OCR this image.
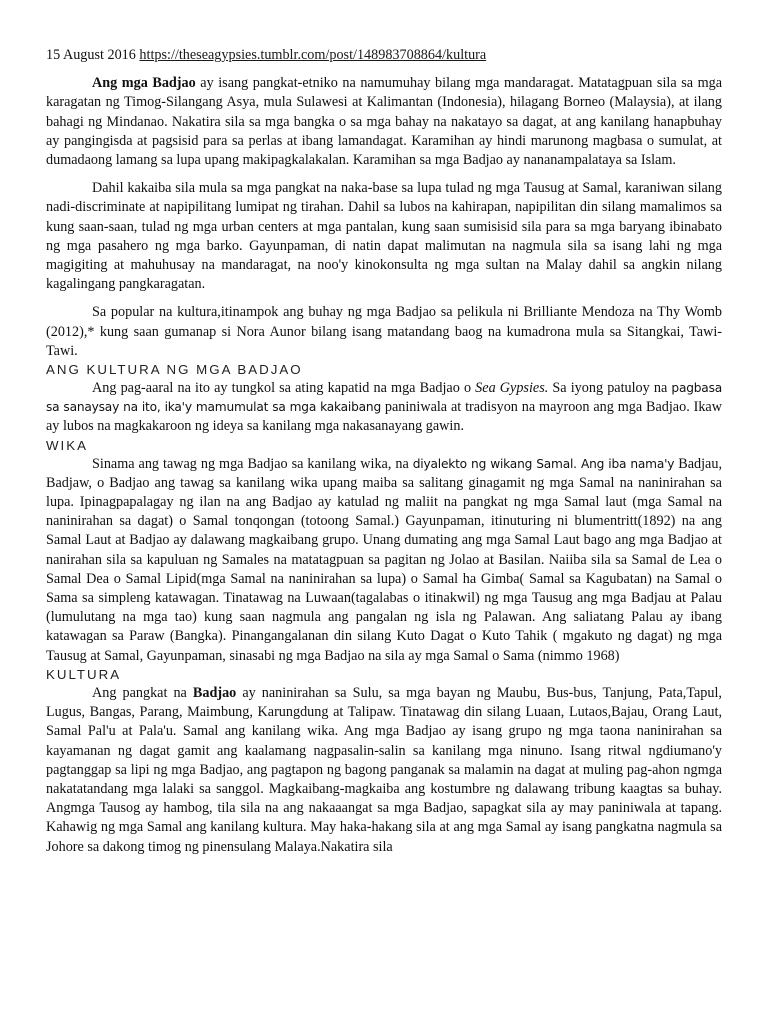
15 August 2016 https://theseagypsies.tumblr.com/post/148983708864/kultura

Ang mga Badjao ay isang pangkat-etniko na namumuhay bilang mga mandaragat. Matatagpuan sila sa mga karagatan ng Timog-Silangang Asya, mula Sulawesi at Kalimantan (Indonesia), hilagang Borneo (Malaysia), at ilang bahagi ng Mindanao. Nakatira sila sa mga bangka o sa mga bahay na nakatayo sa dagat, at ang kanilang hanapbuhay ay pangingisda at pagsisid para sa perlas at ibang lamandagat. Karamihan ay hindi marunong magbasa o sumulat, at dumadaong lamang sa lupa upang makipagkalakalan. Karamihan sa mga Badjao ay nananampalataya sa Islam.

Dahil kakaiba sila mula sa mga pangkat na naka-base sa lupa tulad ng mga Tausug at Samal, karaniwan silang nadi-discriminate at napipilitang lumipat ng tirahan. Dahil sa lubos na kahirapan, napipilitan din silang mamalimos sa kung saan-saan, tulad ng mga urban centers at mga pantalan, kung saan sumisisid sila para sa mga baryang ibinabato ng mga pasahero ng mga barko. Gayunpaman, di natin dapat malimutan na nagmula sila sa isang lahi ng mga magigiting at mahuhusay na mandaragat, na noo'y kinokonsulta ng mga sultan na Malay dahil sa angkin nilang kagalingang pangkaragatan.

Sa popular na kultura,itinampok ang buhay ng mga Badjao sa pelikula ni Brilliante Mendoza na Thy Womb (2012),* kung saan gumanap si Nora Aunor bilang isang matandang baog na kumadrona mula sa Sitangkai, Tawi-Tawi.

ANG KULTURA NG MGA BADJAO

Ang pag-aaral na ito ay tungkol sa ating kapatid na mga Badjao o Sea Gypsies. Sa iyong patuloy na pagbasa sa sanaysay na ito, ika'y mamumulat sa mga kakaibang paniniwala at tradisyon na mayroon ang mga Badjao. Ikaw ay lubos na magkakaroon ng ideya sa kanilang mga nakasanayang gawin.

WIKA

Sinama ang tawag ng mga Badjao sa kanilang wika, na diyalekto ng wikang Samal. Ang iba nama'y Badjau, Badjaw, o Badjao ang tawag sa kanilang wika upang maiba sa salitang ginagamit ng mga Samal na naninirahan sa lupa. Ipinagpapalagay ng ilan na ang Badjao ay katulad ng maliit na pangkat ng mga Samal laut (mga Samal na naninirahan sa dagat) o Samal tonqongan (totoong Samal.) Gayunpaman, itinuturing ni blumentritt(1892) na ang Samal Laut at Badjao ay dalawang magkaibang grupo. Unang dumating ang mga Samal Laut bago ang mga Badjao at nanirahan sila sa kapuluan ng Samales na matatagpuan sa pagitan ng Jolao at Basilan. Naiiba sila sa Samal de Lea o Samal Dea o Samal Lipid(mga Samal na naninirahan sa lupa) o Samal ha Gimba( Samal sa Kagubatan) na Samal o Sama sa simpleng katawagan. Tinatawag na Luwaan(tagalabas o itinakwil) ng mga Tausug ang mga Badjau at Palau (lumulutang na mga tao) kung saan nagmula ang pangalan ng isla ng Palawan. Ang saliatang Palau ay ibang katawagan sa Paraw (Bangka). Pinangangalanan din silang Kuto Dagat o Kuto Tahik ( mgakuto ng dagat) ng mga Tausug at Samal, Gayunpaman, sinasabi ng mga Badjao na sila ay mga Samal o Sama (nimmo 1968)

KULTURA

Ang pangkat na Badjao ay naninirahan sa Sulu, sa mga bayan ng Maubu, Bus-bus, Tanjung, Pata,Tapul, Lugus, Bangas, Parang, Maimbung, Karungdung at Talipaw. Tinatawag din silang Luaan, Lutaos,Bajau, Orang Laut, Samal Pal'u at Pala'u. Samal ang kanilang wika. Ang mga Badjao ay isang grupo ng mga taona naninirahan sa kayamanan ng dagat gamit ang kaalamang nagpasalin-salin sa kanilang mga ninuno. Isang ritwal ngdiumano'y pagtanggap sa lipi ng mga Badjao, ang pagtapon ng bagong panganak sa malamin na dagat at muling pag-ahon ngmga nakatatandang mga lalaki sa sanggol. Magkaibang-magkaiba ang kostumbre ng dalawang tribung kaagtas sa buhay. Angmga Tausog ay hambog, tila sila na ang nakaaangat sa mga Badjao, sapagkat sila ay may paniniwala at tapang. Kahawig ng mga Samal ang kanilang kultura. May haka-hakang sila at ang mga Samal ay isang pangkatna nagmula sa Johore sa dakong timog ng pinensulang Malaya.Nakatira sila
